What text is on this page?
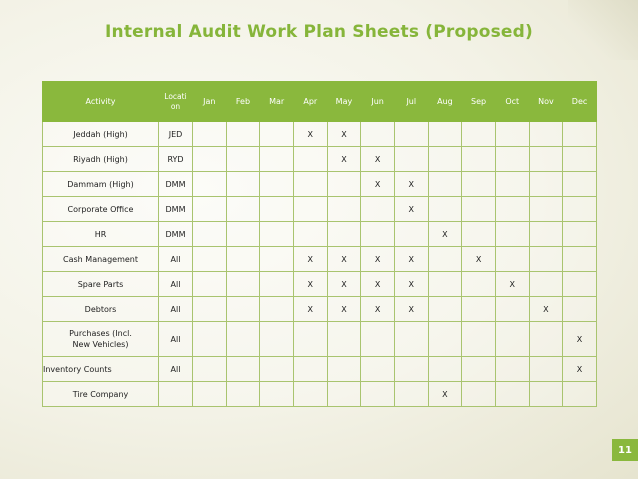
Internal Audit Work Plan Sheets (Proposed)
Activity	Locati
on	Jan	Feb	Mar	Apr	May	Jun	Jul	Aug	Sep	Oct	Nov	Dec
Jeddah (High)	JED				X	X							
Riyadh (High)	RYD					X	X						
Dammam (High)	DMM						X	X					
Corporate Office	DMM							X					
HR	DMM								X				
Cash Management	All				X	X	X	X		X			
Spare Parts	All				X	X	X	X			X		
Debtors	All				X	X	X	X				X	
Purchases (Incl.
New Vehicles)	All												X
Inventory Counts	All												X
Tire Company									X				
11
